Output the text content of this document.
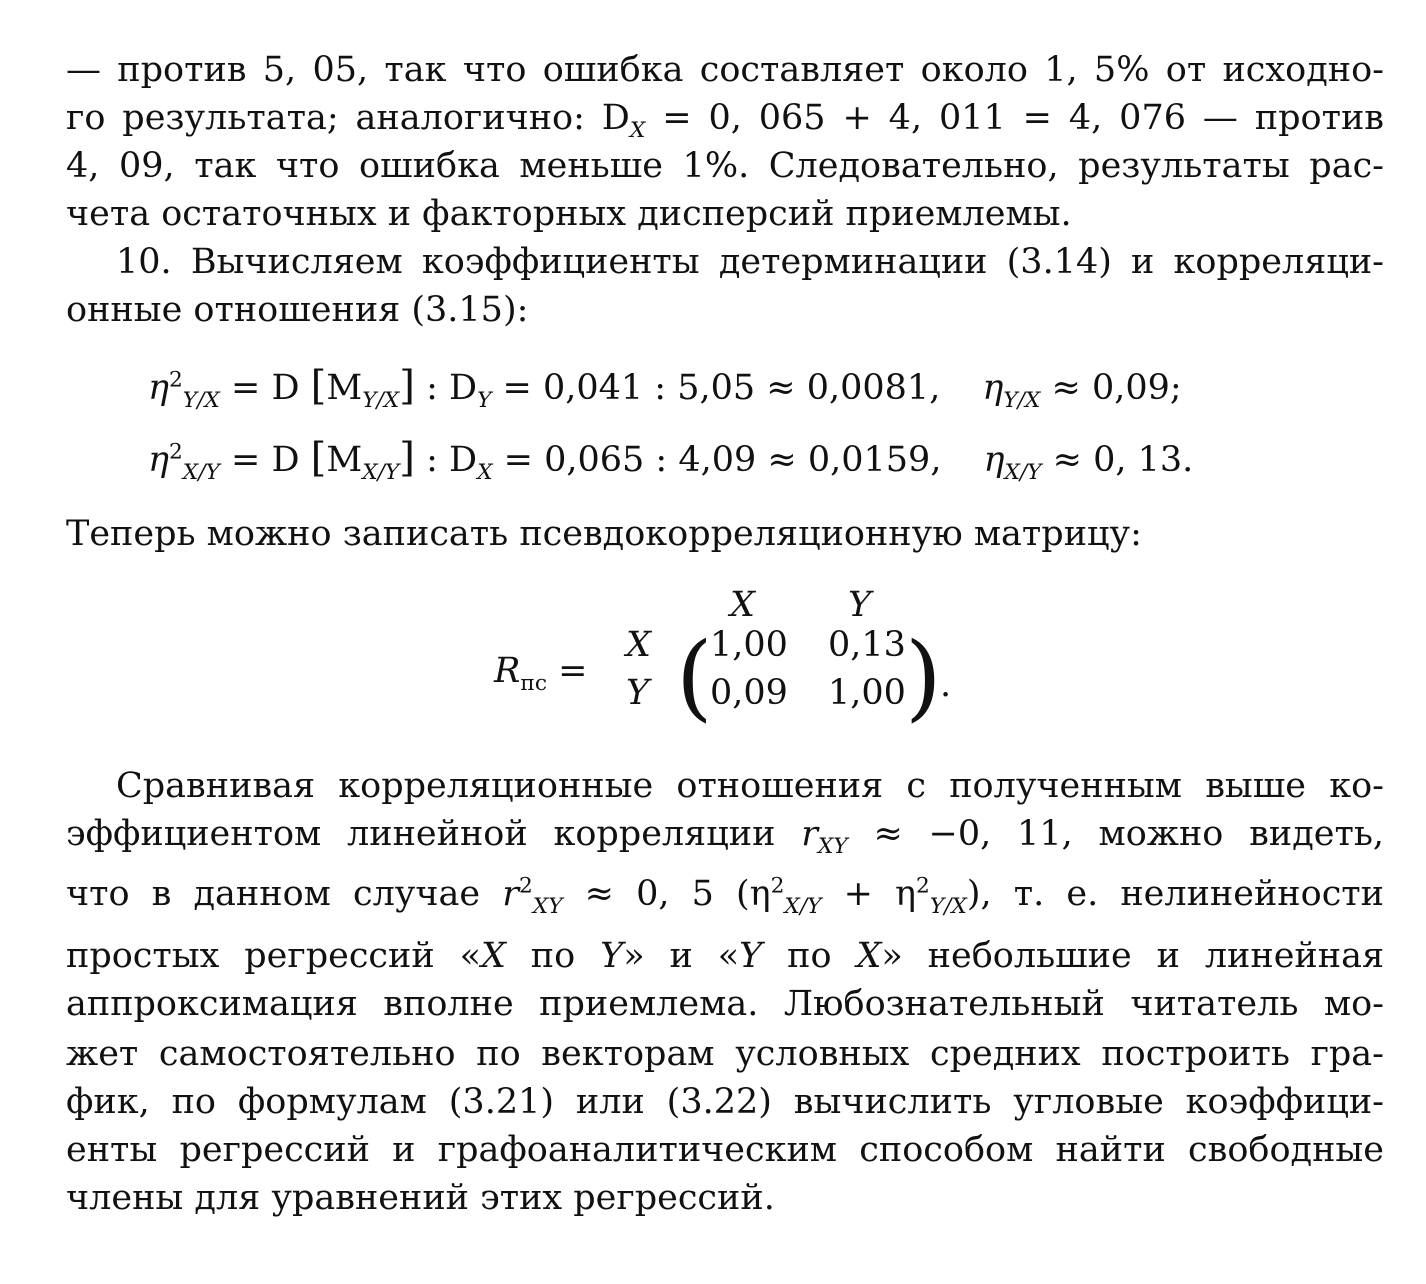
— против 5, 05, так что ошибка составляет около 1, 5% от исходно-

го результата; аналогично: $D_X = 0$, 065 + 4, 011 = 4, 076 — против

4, 09, так что ошибка меньше 1%. Следовательно, результаты рас-

чета остаточных и факторных дисперсий приемлемы.

10. Вычисляем коэффициенты детерминации (3.14) и корреляци-

онные отношения (3.15):

$\eta^2_{Y/X} = D$ $[M_{Y/X}]$ : $D_Y = 0,041$ : 5,05 ≈ 0,0081, $\eta_{Y/X} \approx 0,09$;
$\eta^2_{X/Y} = D$ $[M_{X/Y}]$ : $D_X = 0,065$ : 4,09 ≈ 0,0159, $\eta_{X/Y} \approx 0$, 13.

Теперь можно записать псевдокорреляционную матрицу:

X	Y
$R_{пс}$ =
X
Y (
1,00 0,13
0,09 1,00 )
.

Сравнивая корреляционные отношения с полученным выше ко-

эффициентом линейной корреляции $r_{XY} \approx -0$, 11, можно видеть,

что в данном случае $r^2_{XY} \approx 0$, 5 $(\eta^2_{X/Y} + \eta^2_{Y/X})$, т. е. нелинейности

простых регрессий «X по Y» и «Y по X» небольшие и линейная

аппроксимация вполне приемлема. Любознательный читатель мо-

жет самостоятельно по векторам условных средних построить гра-

фик, по формулам (3.21) или (3.22) вычислить угловые коэффици-

енты регрессий и графоаналитическим способом найти свободные

члены для уравнений этих регрессий.
